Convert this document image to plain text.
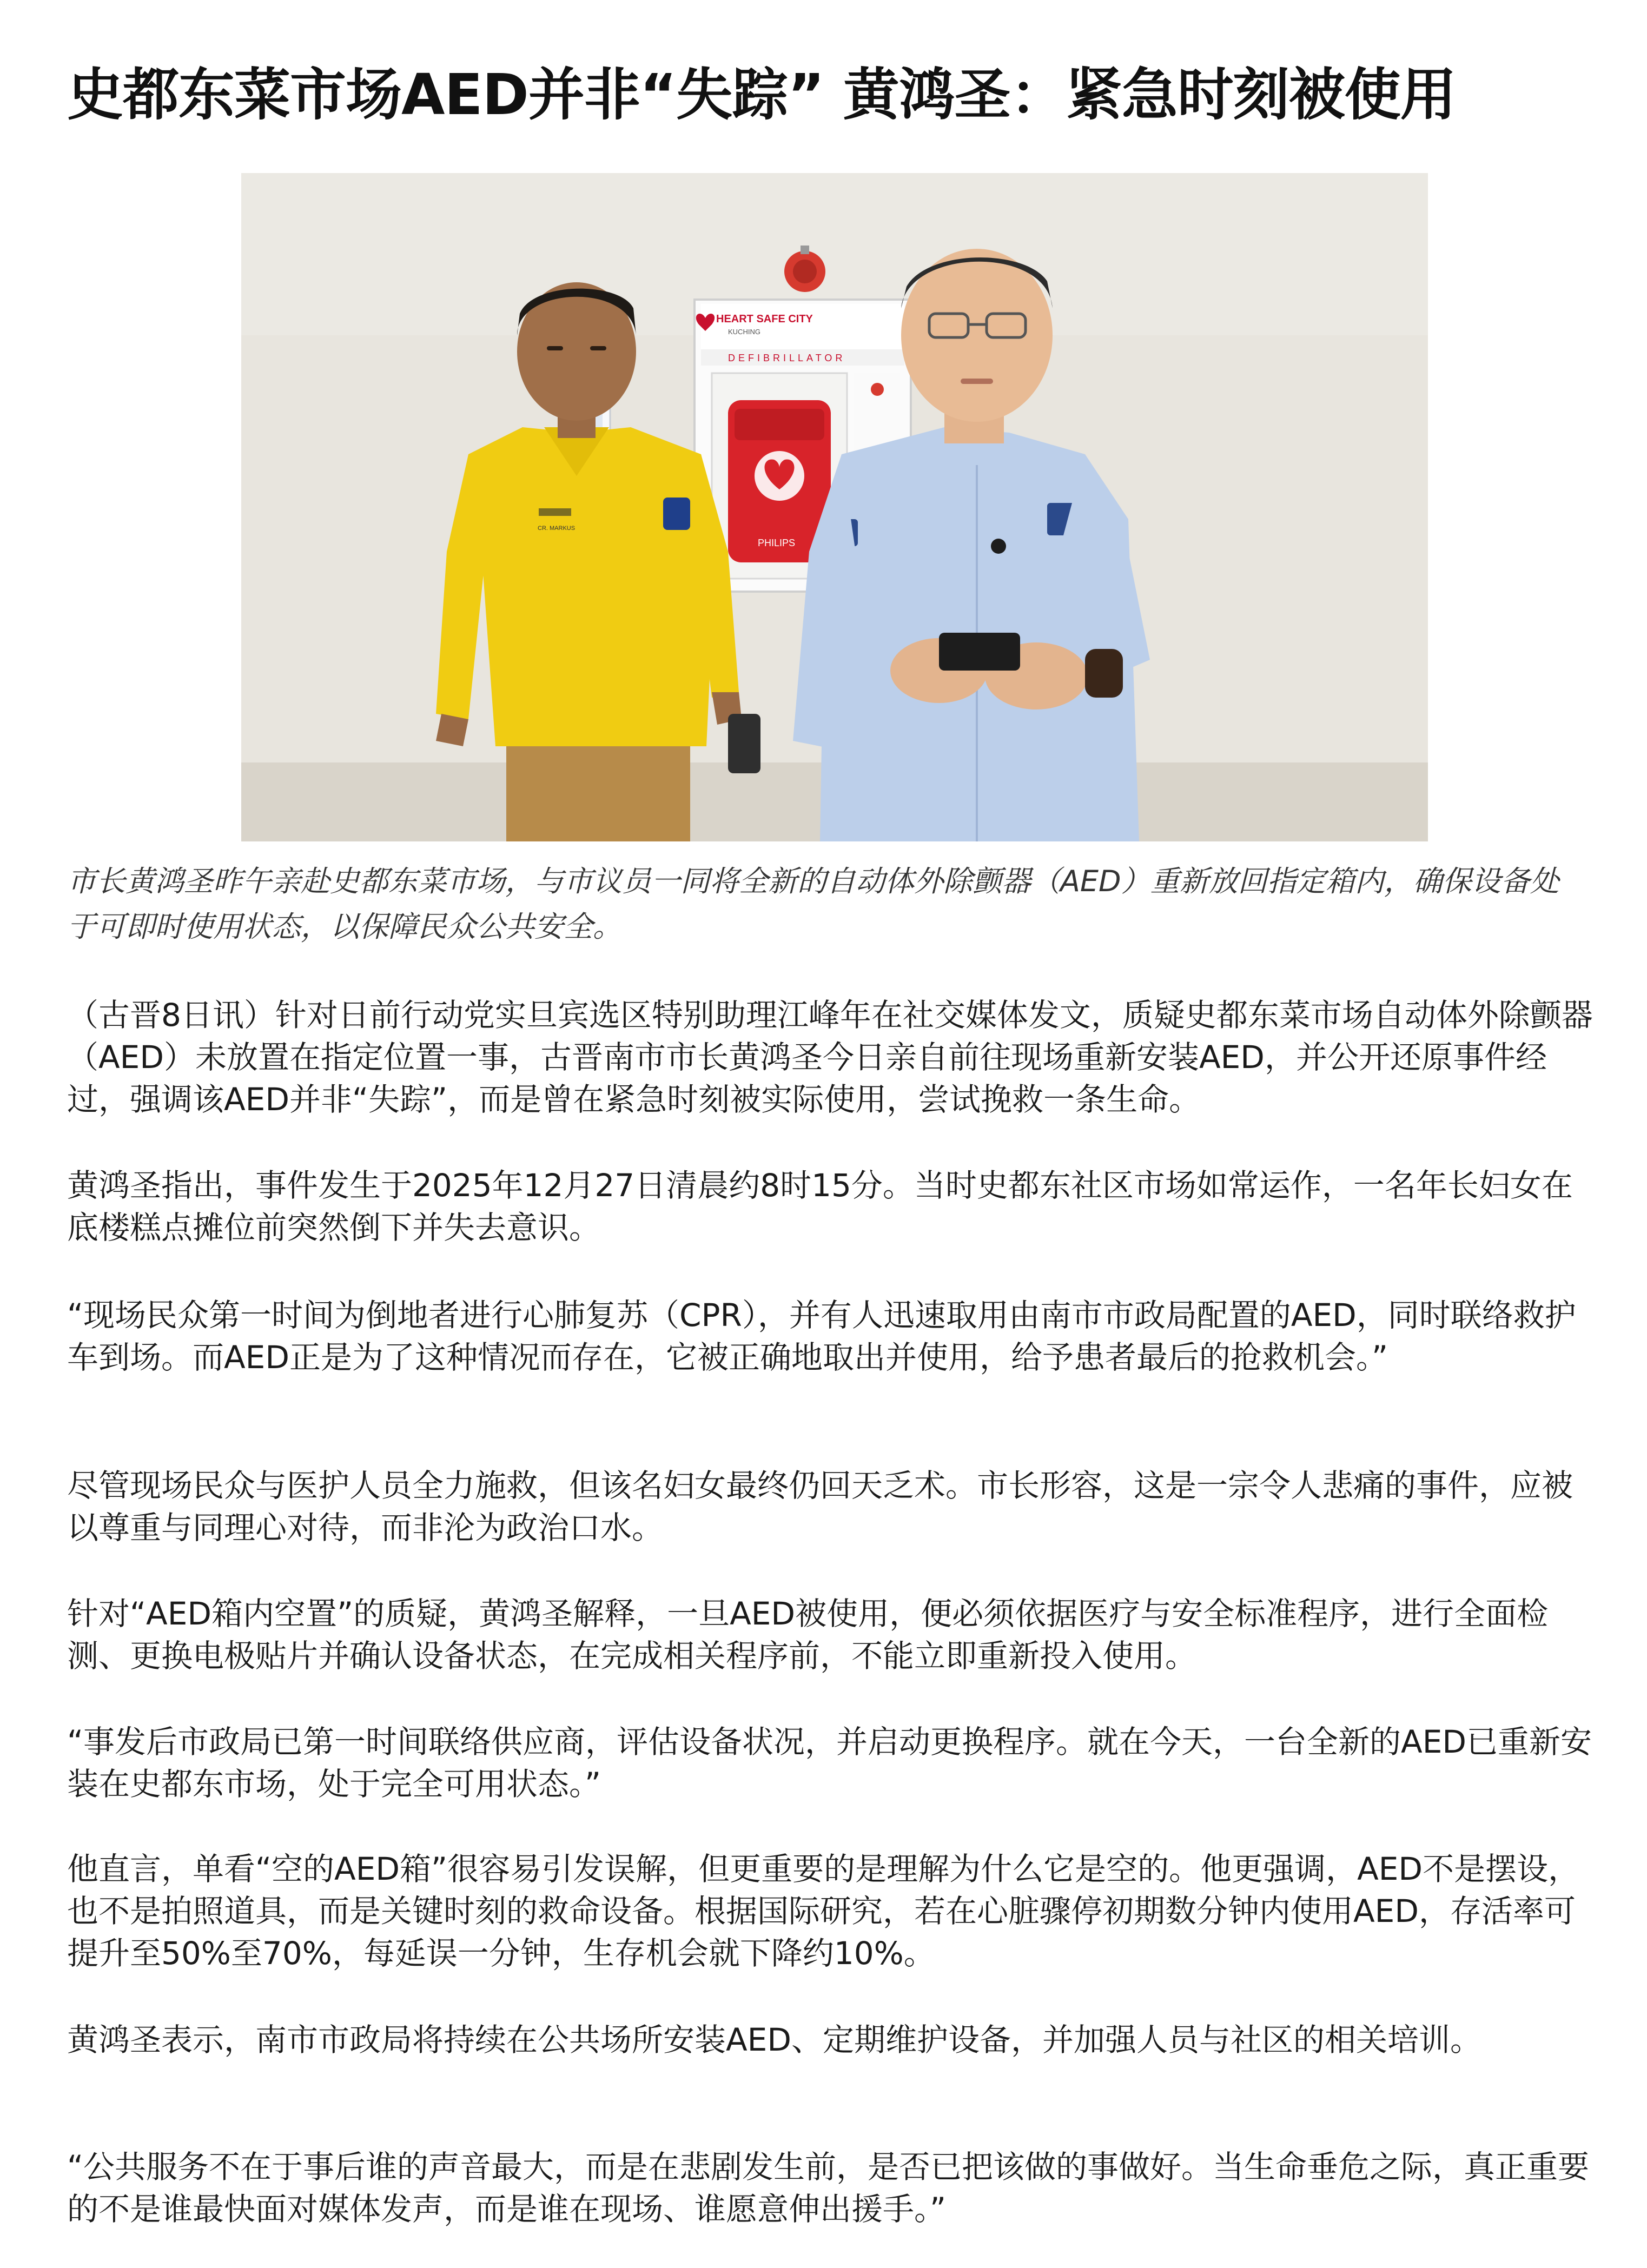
史都东菜市场AED并非“失踪” 黄鸿圣：紧急时刻被使用
HEART SAFE CITY
KUCHING
DEFIBRILLATOR
PHILIPS
CR. MARKUS

市长黄鸿圣昨午亲赴史都东菜市场，与市议员一同将全新的自动体外除颤器（AED）重新放回指定箱内，确保设备处于可即时使用状态，以保障民众公共安全。

（古晋8日讯）针对日前行动党实旦宾选区特别助理江峰年在社交媒体发文，质疑史都东菜市场自动体外除颤器（AED）未放置在指定位置一事，古晋南市市长黄鸿圣今日亲自前往现场重新安装AED，并公开还原事件经过，强调该AED并非“失踪”，而是曾在紧急时刻被实际使用，尝试挽救一条生命。

黄鸿圣指出，事件发生于2025年12月27日清晨约8时15分。当时史都东社区市场如常运作，一名年长妇女在底楼糕点摊位前突然倒下并失去意识。

“现场民众第一时间为倒地者进行心肺复苏（CPR），并有人迅速取用由南市市政局配置的AED，同时联络救护车到场。而AED正是为了这种情况而存在，它被正确地取出并使用，给予患者最后的抢救机会。”

尽管现场民众与医护人员全力施救，但该名妇女最终仍回天乏术。市长形容，这是一宗令人悲痛的事件，应被以尊重与同理心对待，而非沦为政治口水。

针对“AED箱内空置”的质疑，黄鸿圣解释，一旦AED被使用，便必须依据医疗与安全标准程序，进行全面检测、更换电极贴片并确认设备状态，在完成相关程序前，不能立即重新投入使用。

“事发后市政局已第一时间联络供应商，评估设备状况，并启动更换程序。就在今天，一台全新的AED已重新安装在史都东市场，处于完全可用状态。”

他直言，单看“空的AED箱”很容易引发误解，但更重要的是理解为什么它是空的。他更强调，AED不是摆设，也不是拍照道具，而是关键时刻的救命设备。根据国际研究，若在心脏骤停初期数分钟内使用AED，存活率可提升至50%至70%，每延误一分钟，生存机会就下降约10%。

黄鸿圣表示，南市市政局将持续在公共场所安装AED、定期维护设备，并加强人员与社区的相关培训。

“公共服务不在于事后谁的声音最大，而是在悲剧发生前，是否已把该做的事做好。当生命垂危之际，真正重要的不是谁最快面对媒体发声，而是谁在现场、谁愿意伸出援手。”
